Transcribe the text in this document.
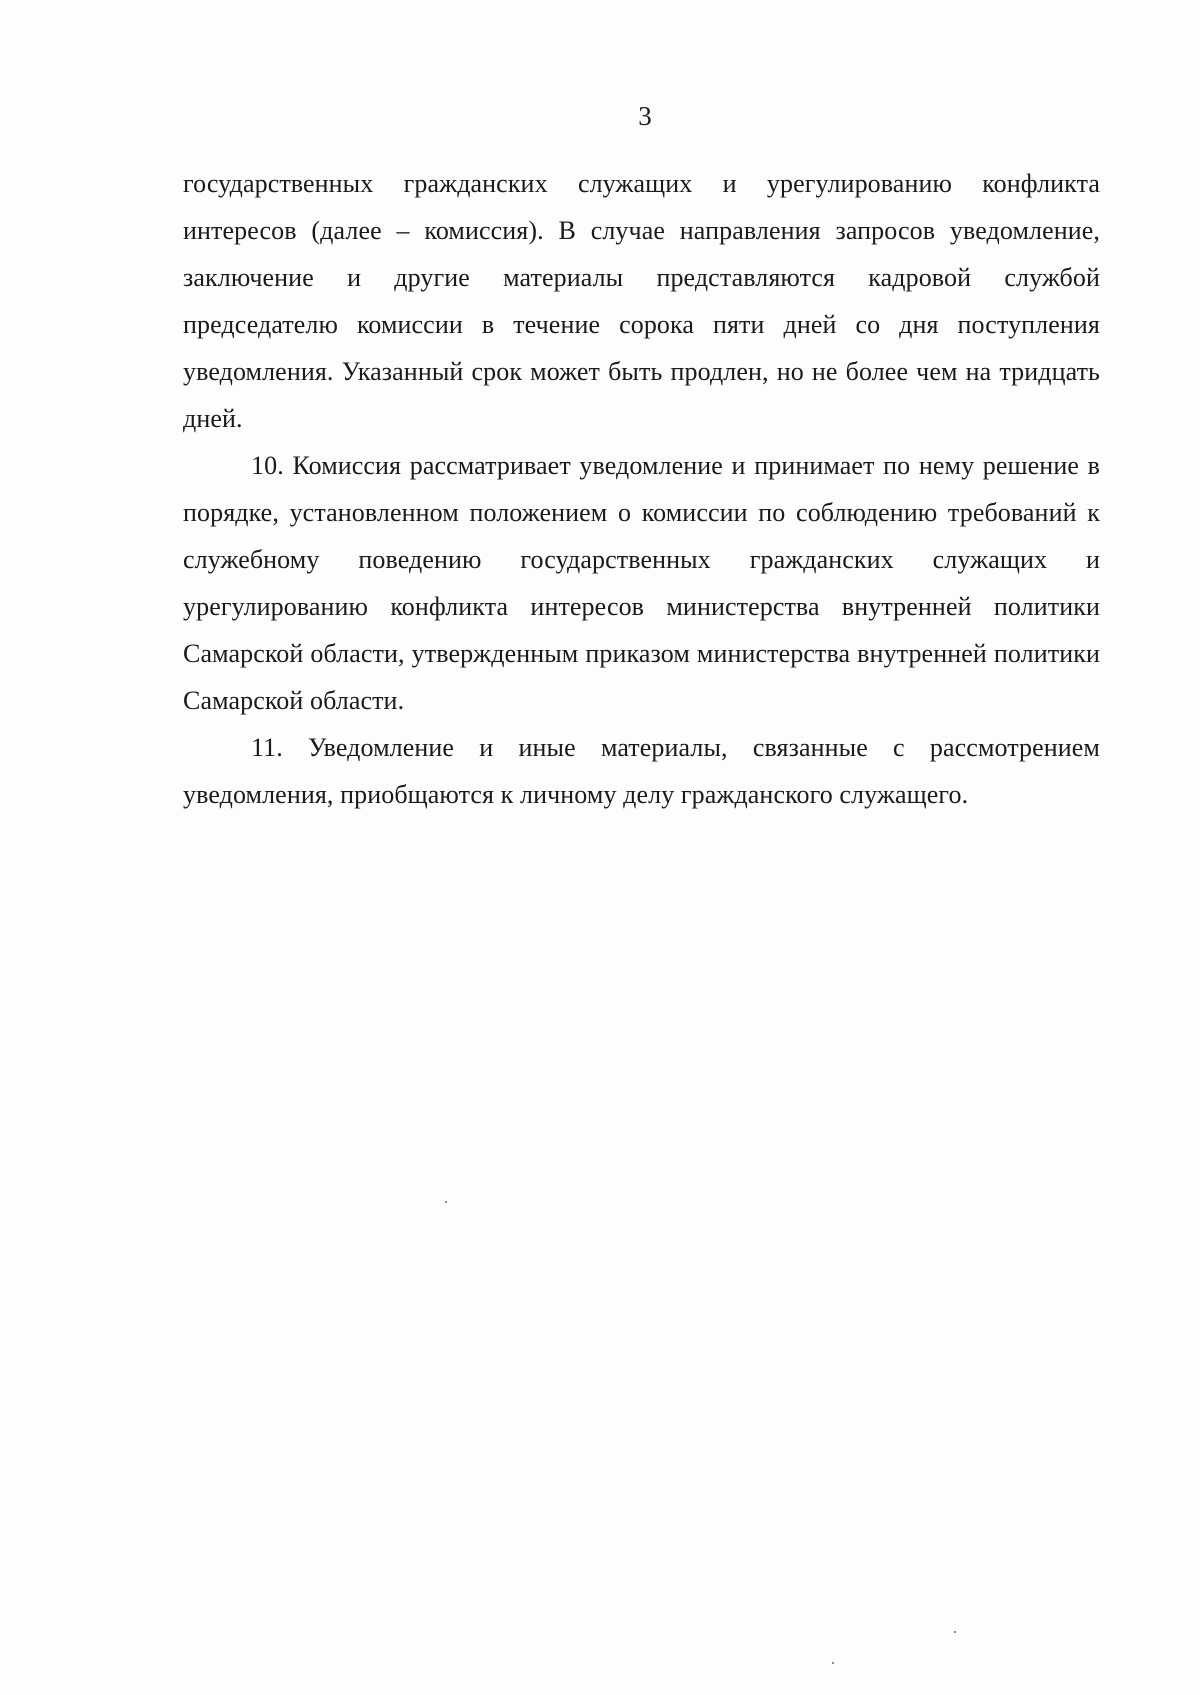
3

государственных гражданских служащих и урегулированию конфликта интересов (далее – комиссия). В случае направления запросов уведомление, заключение и другие материалы представляются кадровой службой председателю комиссии в течение сорока пяти дней со дня поступления уведомления. Указанный срок может быть продлен, но не более чем на тридцать дней.

10. Комиссия рассматривает уведомление и принимает по нему решение в порядке, установленном положением о комиссии по соблюдению требований к служебному поведению государственных гражданских служащих и урегулированию конфликта интересов министерства внутренней политики Самарской области, утвержденным приказом министерства внутренней политики Самарской области.

11. Уведомление и иные материалы, связанные с рассмотрением уведомления, приобщаются к личному делу гражданского служащего.
